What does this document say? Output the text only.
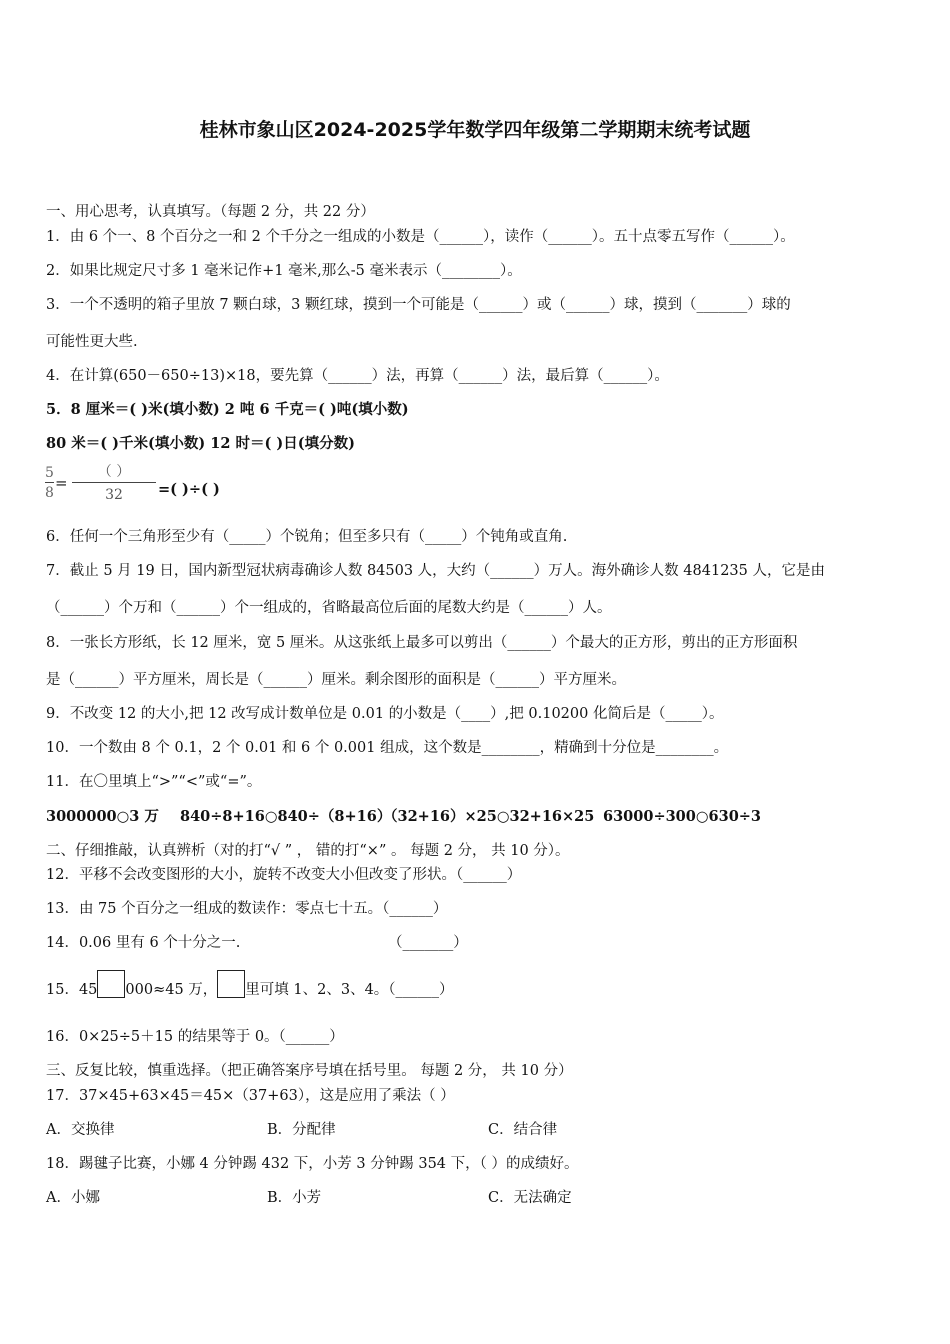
桂林市象山区2024-2025学年数学四年级第二学期期末统考试题
一、用心思考，认真填写。（每题 2 分，共 22 分）
1．由 6 个一、8 个百分之一和 2 个千分之一组成的小数是（______），读作（______）。五十点零五写作（______）。
2．如果比规定尺寸多 1 毫米记作+1 毫米,那么-5 毫米表示（________）。
3．一个不透明的箱子里放 7 颗白球，3 颗红球，摸到一个可能是（______）或（______）球，摸到（_______）球的
可能性更大些.
4．在计算(650－650÷13)×18，要先算（______）法，再算（______）法，最后算（______）。
5．8 厘米＝( )米(填小数) 2 吨 6 千克＝( )吨(填小数)
80 米＝( )千米(填小数) 12 时＝( )日(填分数)
5
8
=
（ ）
32	=( )÷( )
6．任何一个三角形至少有（_____）个锐角；但至多只有（_____）个钝角或直角.
7．截止 5 月 19 日，国内新型冠状病毒确诊人数 84503 人，大约（______）万人。海外确诊人数 4841235 人，它是由
（______）个万和（______）个一组成的，省略最高位后面的尾数大约是（______）人。
8．一张长方形纸，长 12 厘米，宽 5 厘米。从这张纸上最多可以剪出（______）个最大的正方形，剪出的正方形面积
是（______）平方厘米，周长是（______）厘米。剩余图形的面积是（______）平方厘米。
9．不改变 12 的大小,把 12 改写成计数单位是 0.01 的小数是（____）,把 0.10200 化简后是（_____）。
10．一个数由 8 个 0.1，2 个 0.01 和 6 个 0.001 组成，这个数是________，精确到十分位是________。
11．在〇里填上“>”“<”或“=”。
3000000○3 万 840÷8+16○840÷（8+16）
（32+16）×25○32+16×25 63000÷300○630÷3
二、仔细推敲，认真辨析（对的打“√ ” ， 错的打“×” 。 每题 2 分， 共 10 分）。
12．平移不会改变图形的大小，旋转不改变大小但改变了形状。（______）
13．由 75 个百分之一组成的数读作：零点七十五。（______）
14．0.06 里有 6 个十分之一.	（_______）
15．45 000≈45 万， 里可填 1、2、3、4。（______）
16．0×25÷5＋15 的结果等于 0。（______）
三、反复比较，慎重选择。（把正确答案序号填在括号里。 每题 2 分， 共 10 分）
17．37×45+63×45＝45×（37+63），这是应用了乘法（ ）
A．交换律	B．分配律	C．结合律
18．踢毽子比赛，小娜 4 分钟踢 432 下，小芳 3 分钟踢 354 下，（ ）的成绩好。
A．小娜	B．小芳	C．无法确定
